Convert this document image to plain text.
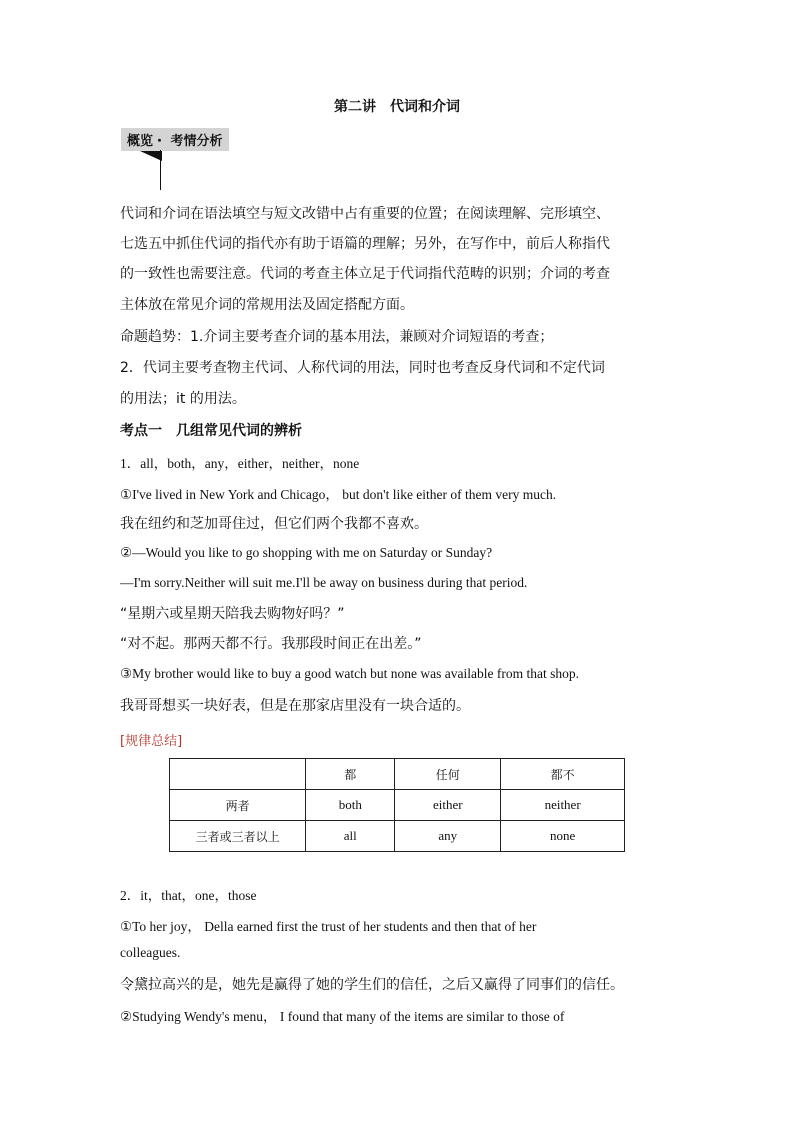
第二讲　代词和介词
概览・ 考情分析
代词和介词在语法填空与短文改错中占有重要的位置；在阅读理解、完形填空、
七选五中抓住代词的指代亦有助于语篇的理解；另外，在写作中，前后人称指代
的一致性也需要注意。代词的考查主体立足于代词指代范畴的识别；介词的考查
主体放在常见介词的常规用法及固定搭配方面。
命题趋势：1.介词主要考查介词的基本用法，兼顾对介词短语的考查；
2．代词主要考查物主代词、人称代词的用法，同时也考查反身代词和不定代词
的用法；it 的用法。
考点一　几组常见代词的辨析
1．all，both，any，either，neither，none
①I've lived in New York and Chicago， but don't like either of them very much.
我在纽约和芝加哥住过，但它们两个我都不喜欢。
②—Would you like to go shopping with me on Saturday or Sunday?
—I'm sorry.Neither will suit me.I'll be away on business during that period.
“星期六或星期天陪我去购物好吗？”
“对不起。那两天都不行。我那段时间正在出差。”
③My brother would like to buy a good watch but none was available from that shop.
我哥哥想买一块好表，但是在那家店里没有一块合适的。
[规律总结]
	都	任何	都不
两者	both	either	neither
三者或三者以上	all	any	none
2．it，that，one，those
①To her joy， Della earned first the trust of her students and then that of her
colleagues.
令黛拉高兴的是，她先是赢得了她的学生们的信任，之后又赢得了同事们的信任。
②Studying Wendy's menu， I found that many of the items are similar to those of
